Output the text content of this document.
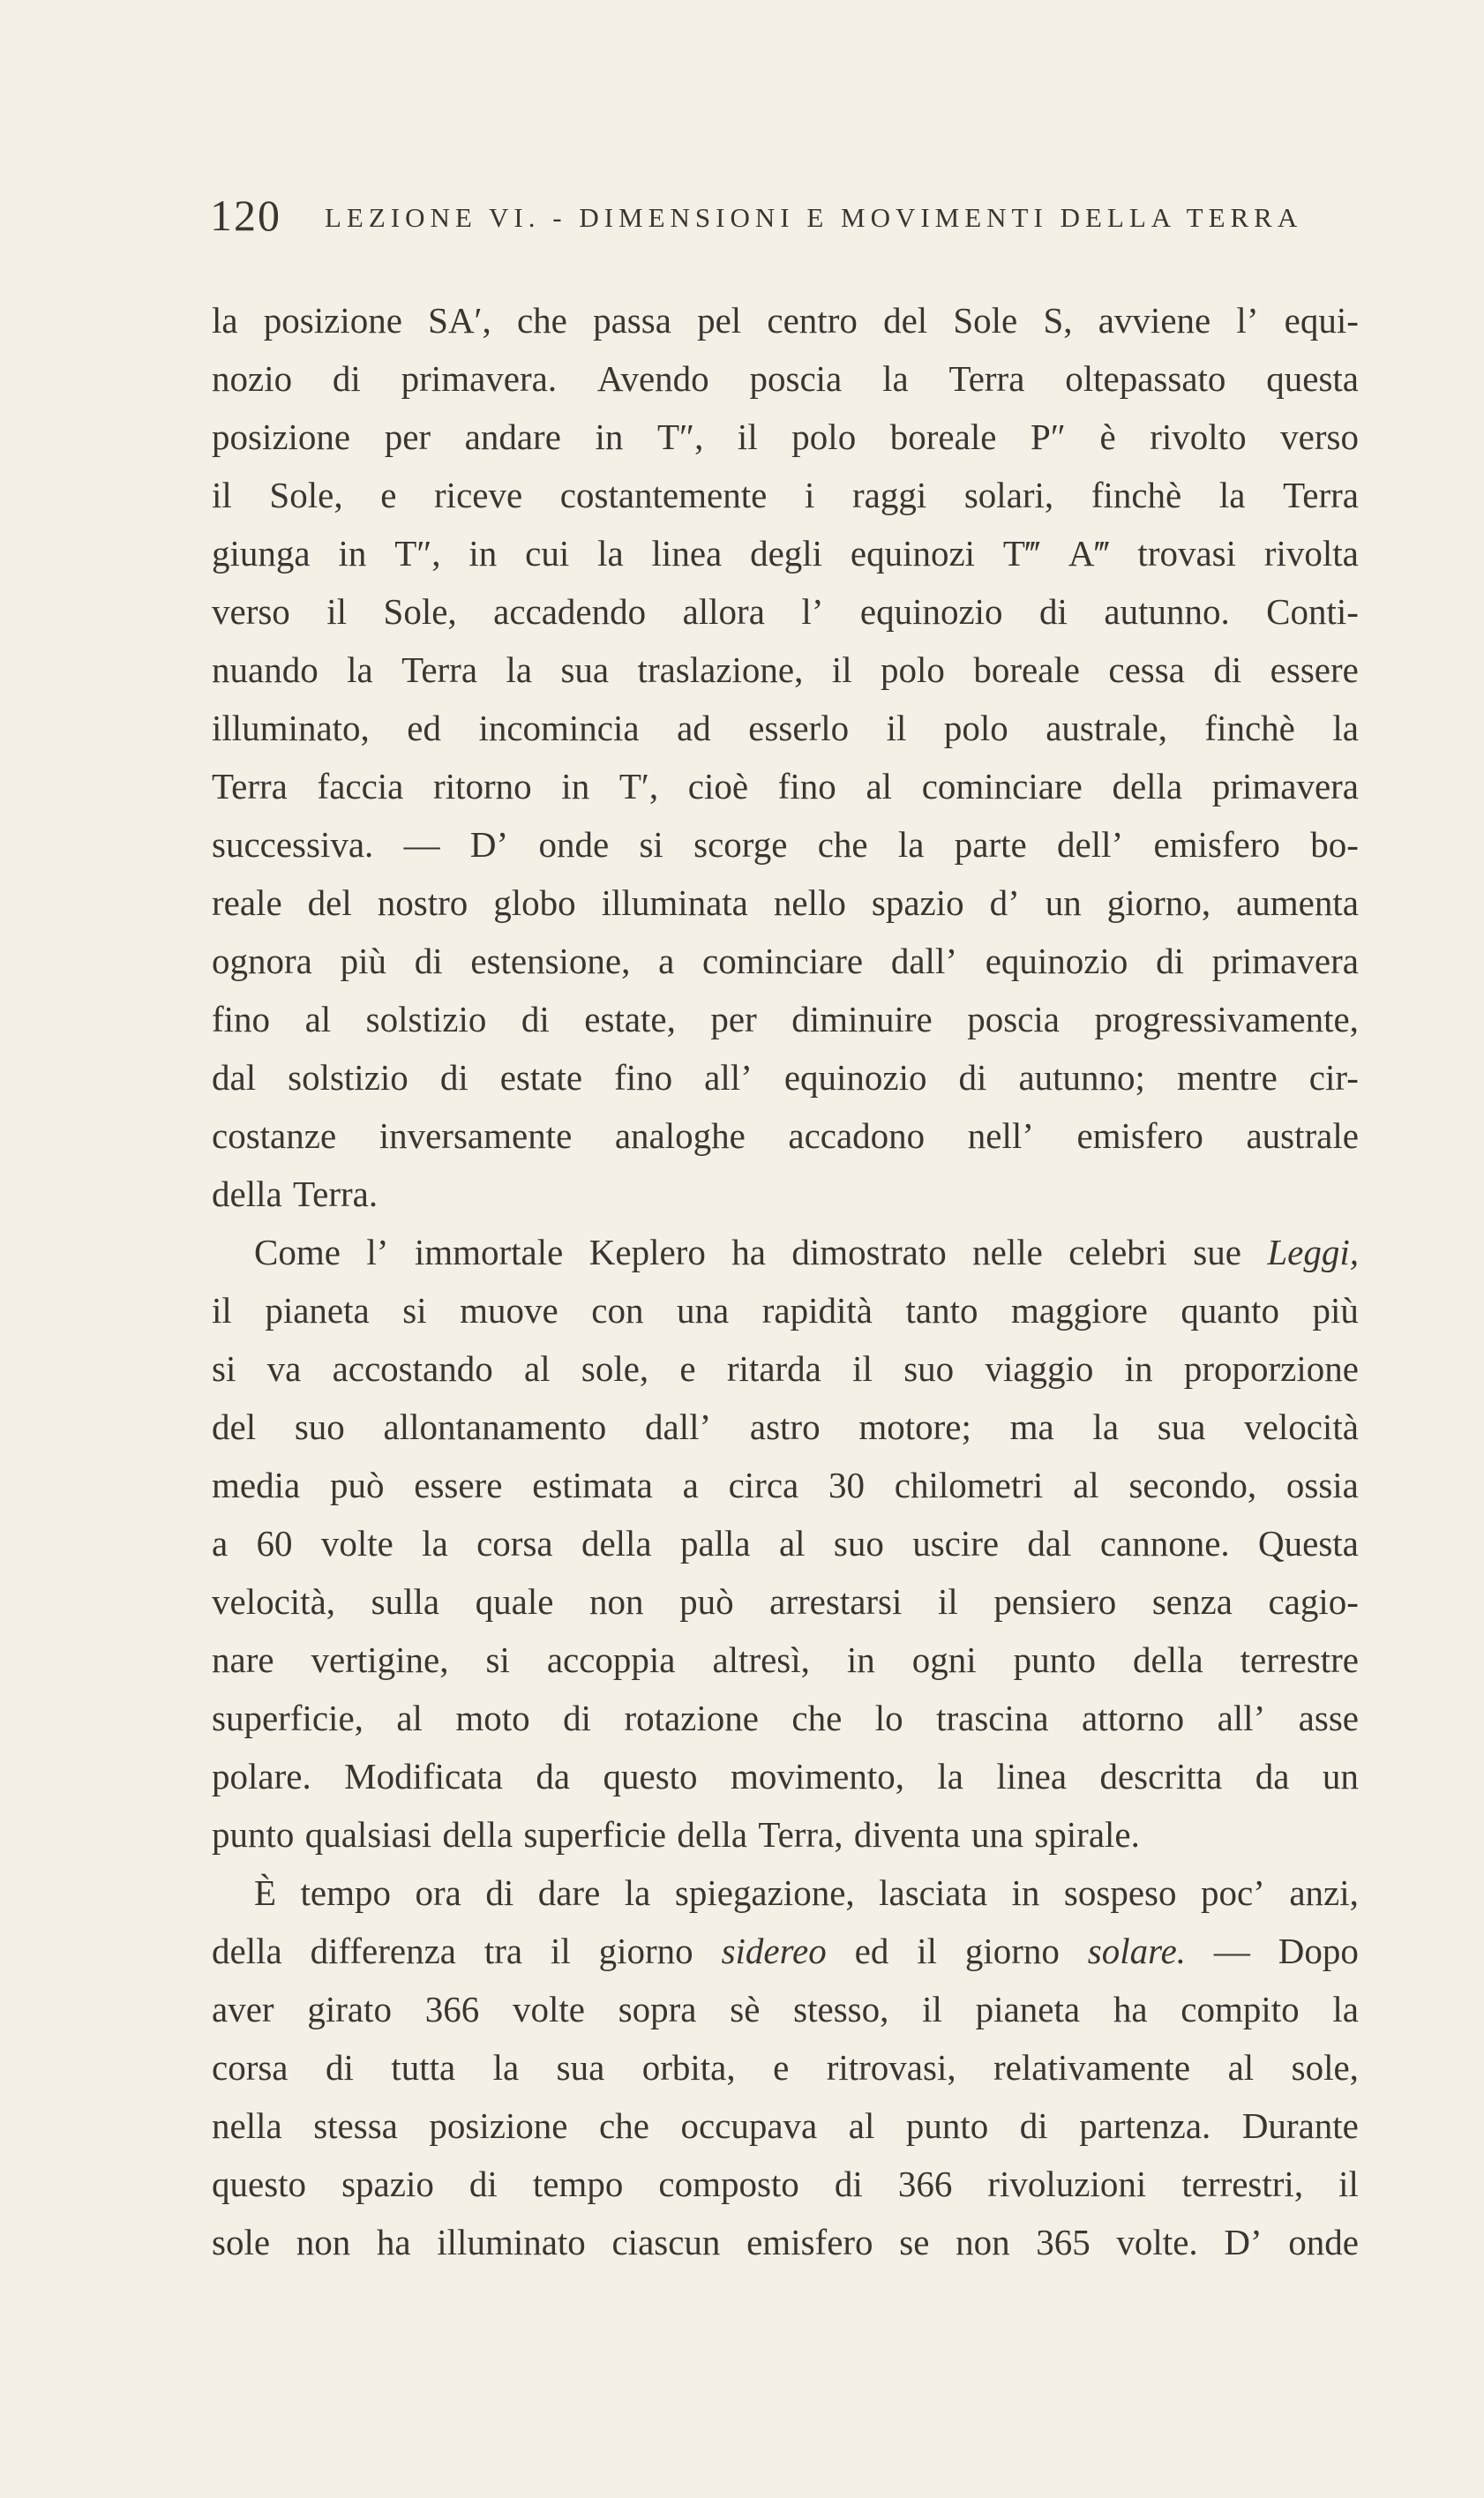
120 LEZIONE VI. - DIMENSIONI E MOVIMENTI DELLA TERRA
la posizione SA′, che passa pel centro del Sole S, avviene l’ equi-
nozio di primavera. Avendo poscia la Terra oltepassato questa
posizione per andare in T″, il polo boreale P″ è rivolto verso
il Sole, e riceve costantemente i raggi solari, finchè la Terra
giunga in T″, in cui la linea degli equinozi T‴ A‴ trovasi rivolta
verso il Sole, accadendo allora l’ equinozio di autunno. Conti-
nuando la Terra la sua traslazione, il polo boreale cessa di essere
illuminato, ed incomincia ad esserlo il polo australe, finchè la
Terra faccia ritorno in T′, cioè fino al cominciare della primavera
successiva. — D’ onde si scorge che la parte dell’ emisfero bo-
reale del nostro globo illuminata nello spazio d’ un giorno, aumenta
ognora più di estensione, a cominciare dall’ equinozio di primavera
fino al solstizio di estate, per diminuire poscia progressivamente,
dal solstizio di estate fino all’ equinozio di autunno; mentre cir-
costanze inversamente analoghe accadono nell’ emisfero australe
della Terra.
Come l’ immortale Keplero ha dimostrato nelle celebri sue Leggi,
il pianeta si muove con una rapidità tanto maggiore quanto più
si va accostando al sole, e ritarda il suo viaggio in proporzione
del suo allontanamento dall’ astro motore; ma la sua velocità
media può essere estimata a circa 30 chilometri al secondo, ossia
a 60 volte la corsa della palla al suo uscire dal cannone. Questa
velocità, sulla quale non può arrestarsi il pensiero senza cagio-
nare vertigine, si accoppia altresì, in ogni punto della terrestre
superficie, al moto di rotazione che lo trascina attorno all’ asse
polare. Modificata da questo movimento, la linea descritta da un
punto qualsiasi della superficie della Terra, diventa una spirale.
È tempo ora di dare la spiegazione, lasciata in sospeso poc’ anzi,
della differenza tra il giorno sidereo ed il giorno solare. — Dopo
aver girato 366 volte sopra sè stesso, il pianeta ha compito la
corsa di tutta la sua orbita, e ritrovasi, relativamente al sole,
nella stessa posizione che occupava al punto di partenza. Durante
questo spazio di tempo composto di 366 rivoluzioni terrestri, il
sole non ha illuminato ciascun emisfero se non 365 volte. D’ onde
